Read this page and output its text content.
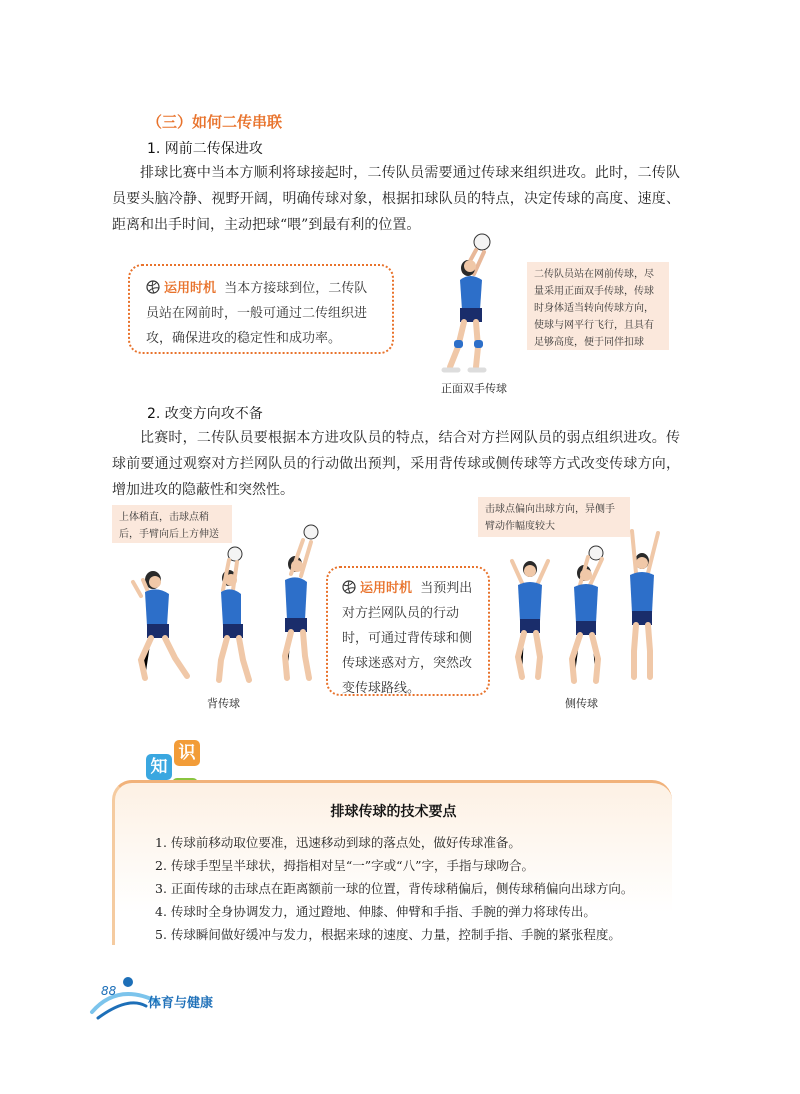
（三）如何二传串联
1. 网前二传保进攻
排球比赛中当本方顺利将球接起时，二传队员需要通过传球来组织进攻。此时，二传队员要头脑冷静、视野开阔，明确传球对象，根据扣球队员的特点，决定传球的高度、速度、距离和出手时间，主动把球“喂”到最有利的位置。
运用时机 当本方接球到位，二传队员站在网前时，一般可通过二传组织进攻，确保进攻的稳定性和成功率。
正面双手传球
二传队员站在网前传球，尽量采用正面双手传球，传球时身体适当转向传球方向，使球与网平行飞行，且具有足够高度，便于同伴扣球
2. 改变方向攻不备
比赛时，二传队员要根据本方进攻队员的特点，结合对方拦网队员的弱点组织进攻。传球前要通过观察对方拦网队员的行动做出预判，采用背传球或侧传球等方式改变传球方向，增加进攻的隐蔽性和突然性。
上体稍直，击球点稍后，手臂向后上方伸送
击球点偏向出球方向，异侧手臂动作幅度较大
背传球
运用时机 当预判出对方拦网队员的行动时，可通过背传球和侧传球迷惑对方，突然改变传球路线。
侧传球
知
识
排球传球的技术要点
1. 传球前移动取位要准，迅速移动到球的落点处，做好传球准备。
2. 传球手型呈半球状，拇指相对呈“一”字或“八”字，手指与球吻合。
3. 正面传球的击球点在距离额前一球的位置，背传球稍偏后，侧传球稍偏向出球方向。
4. 传球时全身协调发力，通过蹬地、伸膝、伸臂和手指、手腕的弹力将球传出。
5. 传球瞬间做好缓冲与发力，根据来球的速度、力量，控制手指、手腕的紧张程度。
88
体育与健康
